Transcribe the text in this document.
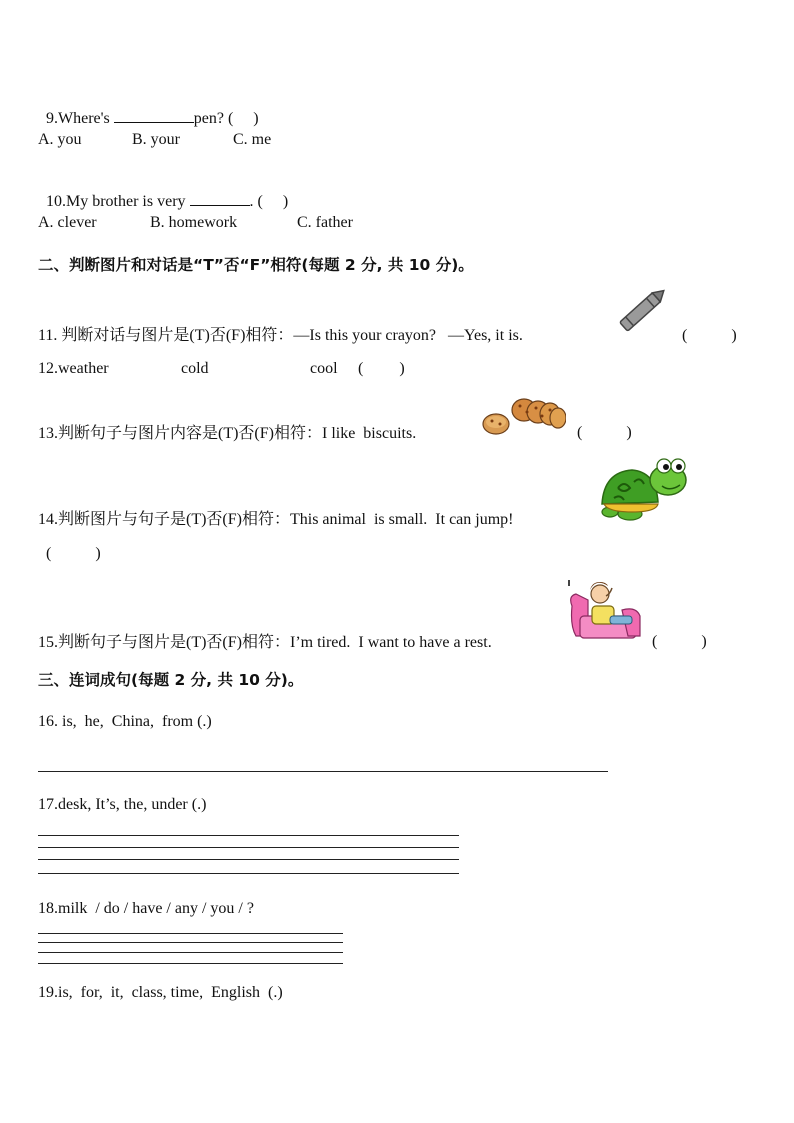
9.Where's	pen? (     )

A. you	B. your	C. me

10.My brother is very	. (     )

A. clever	B. homework	C. father
二、判断图片和对话是“T”否“F”相符(每题 2 分, 共 10 分)。
11. 判断对话与图片是(T)否(F)相符：—Is this your crayon?   —Yes, it is.	(           )
12.weather	cold	cool (         )
13.判断句子与图片内容是(T)否(F)相符：I like  biscuits.	(           )
14.判断图片与句子是(T)否(F)相符：This animal  is small.  It can jump!
(           )
15.判断句子与图片是(T)否(F)相符：I’m tired.  I want to have a rest.	(           )
三、连词成句(每题 2 分, 共 10 分)。
16. is,  he,  China,  from (.)
17.desk, It’s, the, under (.)
18.milk  / do / have / any / you / ?
19.is,  for,  it,  class, time,  English  (.)
